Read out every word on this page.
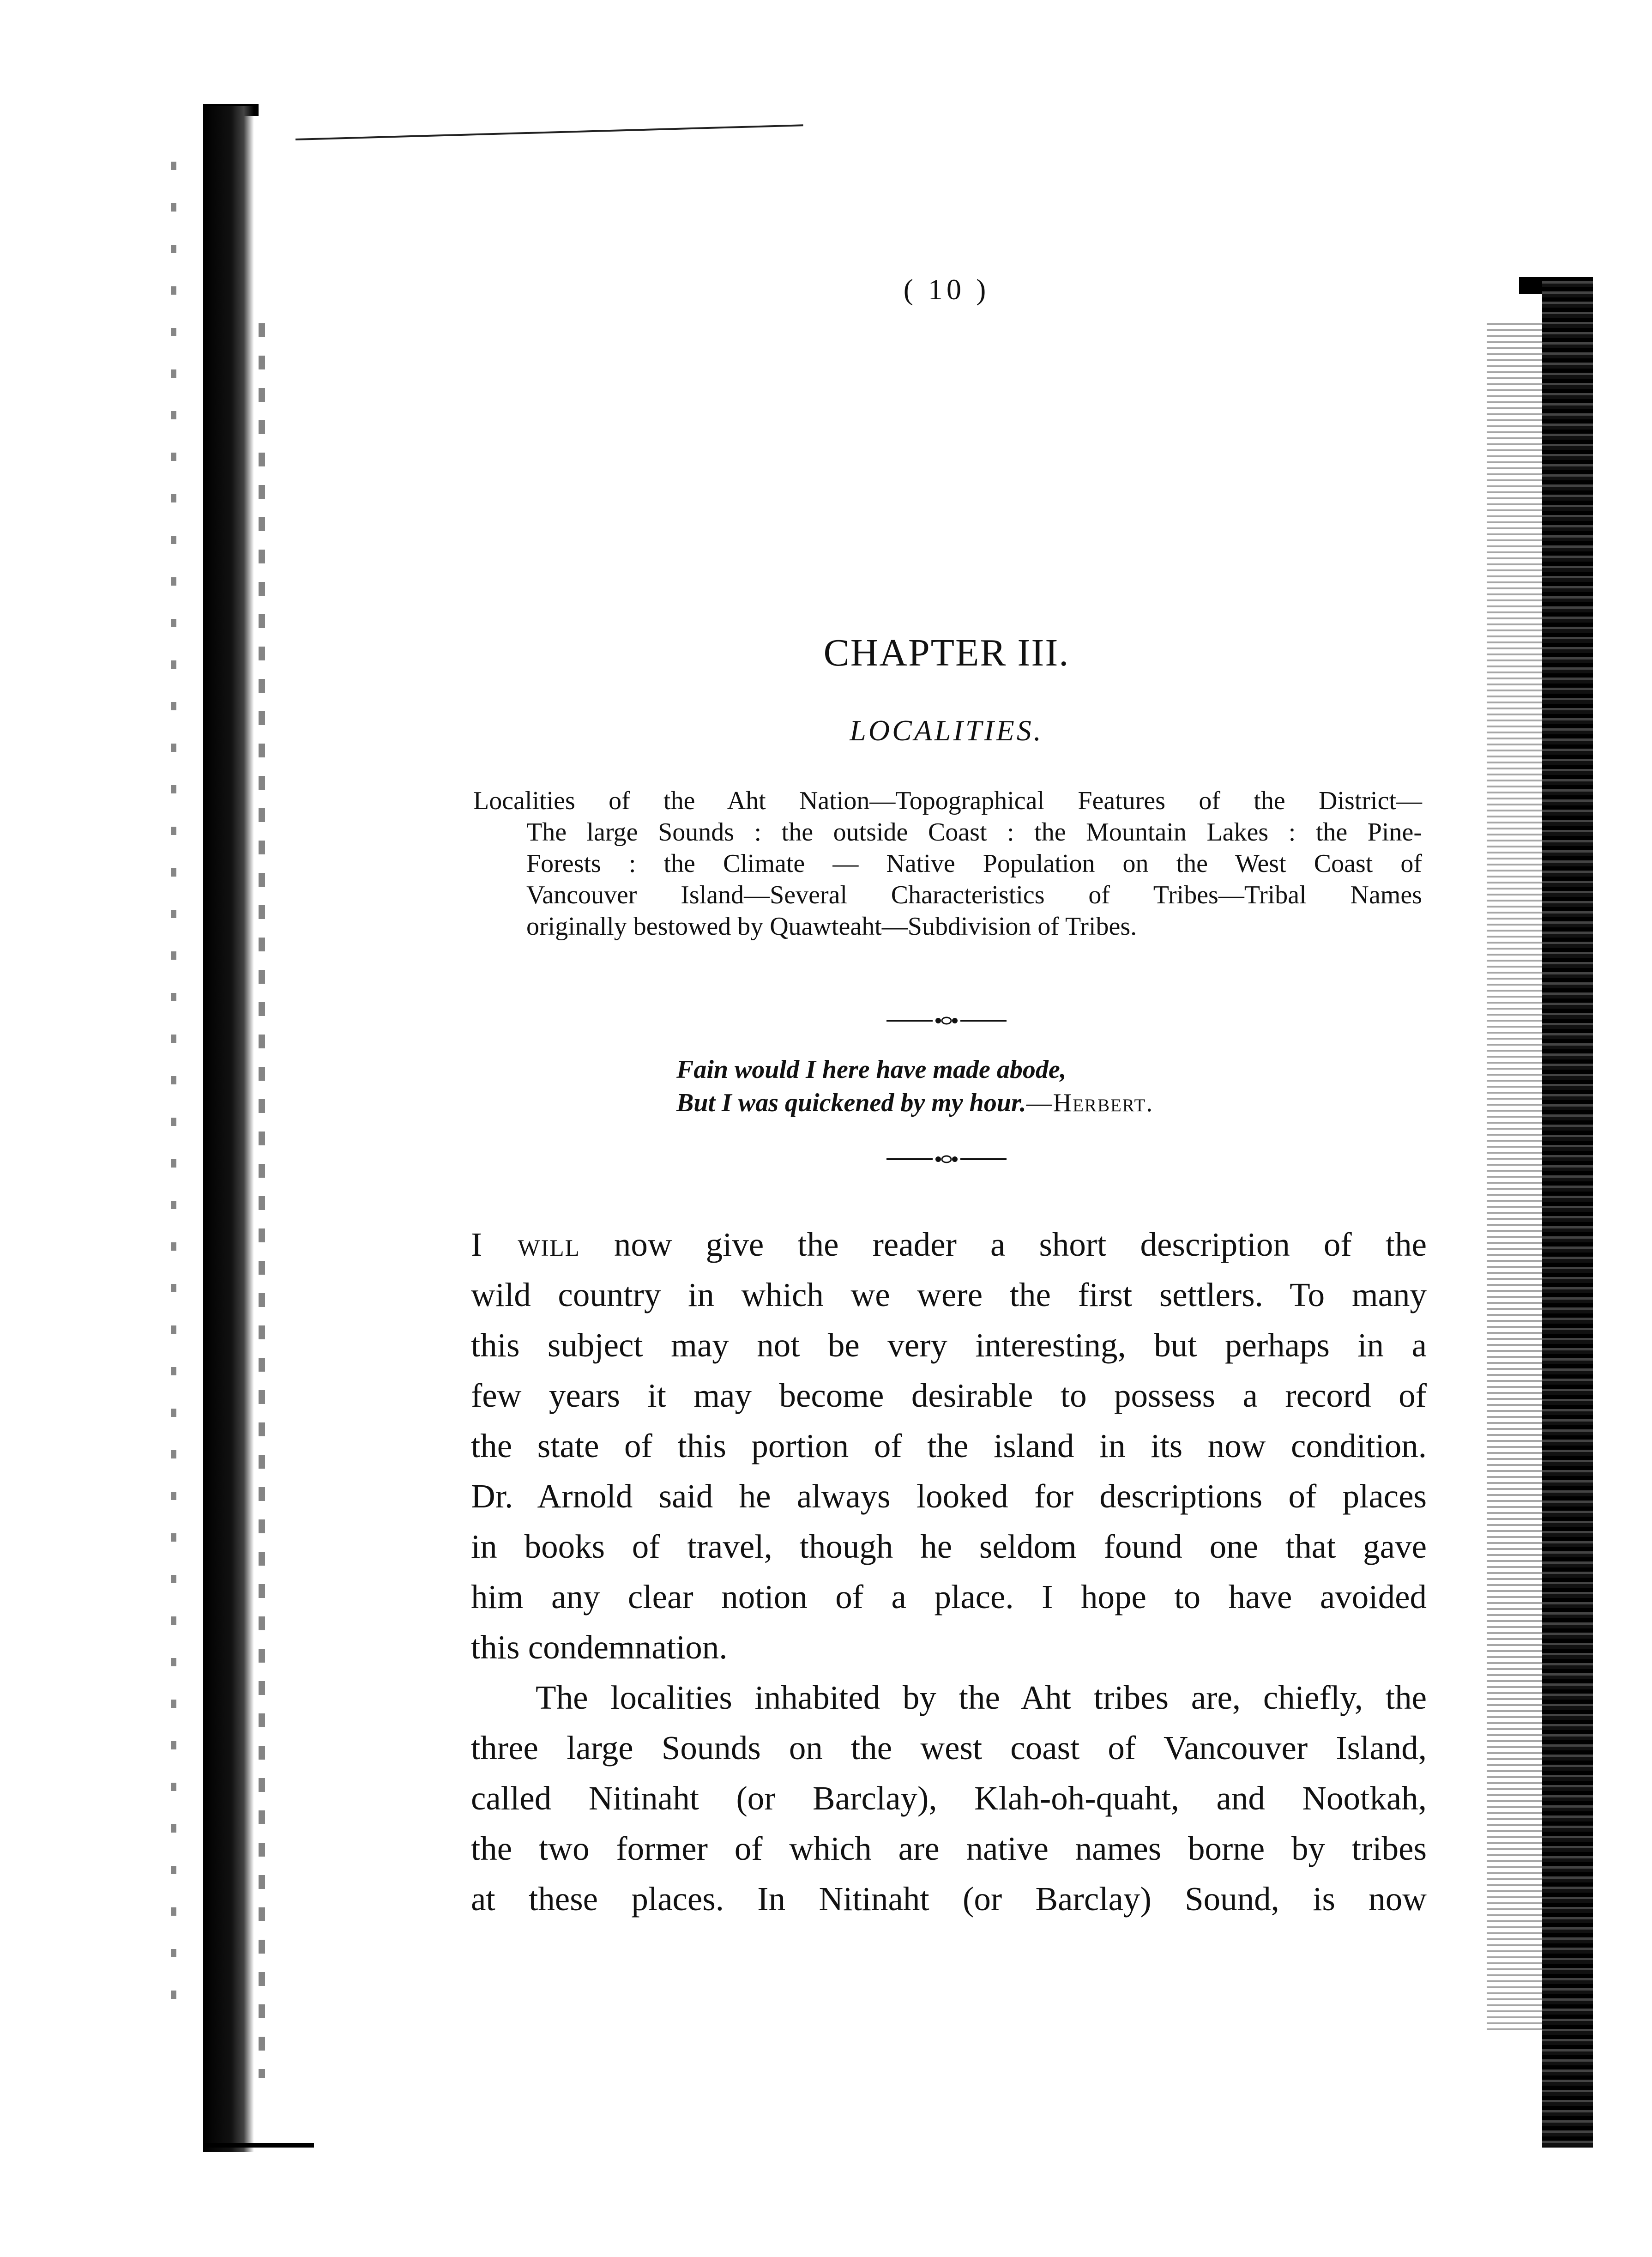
( 10 )
CHAPTER III.
LOCALITIES.
Localities of the Aht Nation—Topographical Features of the District—
The large Sounds : the outside Coast : the Mountain Lakes : the Pine-
Forests : the Climate — Native Population on the West Coast of
Vancouver Island—Several Characteristics of Tribes—Tribal Names
originally bestowed by Quawteaht—Subdivision of Tribes.
Fain would I here have made abode,
But I was quickened by my hour.—Herbert.
I will now give the reader a short description of the
wild country in which we were the first settlers. To many
this subject may not be very interesting, but perhaps in a
few years it may become desirable to possess a record of
the state of this portion of the island in its now condition.
Dr. Arnold said he always looked for descriptions of places
in books of travel, though he seldom found one that gave
him any clear notion of a place. I hope to have avoided
this condemnation.
The localities inhabited by the Aht tribes are, chiefly, the
three large Sounds on the west coast of Vancouver Island,
called Nitinaht (or Barclay), Klah-oh-quaht, and Nootkah,
the two former of which are native names borne by tribes
at these places. In Nitinaht (or Barclay) Sound, is now
